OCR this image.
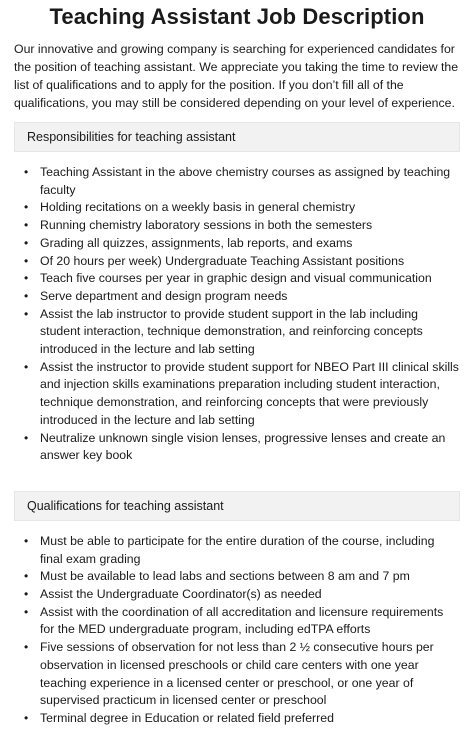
Teaching Assistant Job Description

Our innovative and growing company is searching for experienced candidates for the position of teaching assistant. We appreciate you taking the time to review the list of qualifications and to apply for the position. If you don’t fill all of the qualifications, you may still be considered depending on your level of experience.

Responsibilities for teaching assistant
• Teaching Assistant in the above chemistry courses as assigned by teaching faculty
• Holding recitations on a weekly basis in general chemistry
• Running chemistry laboratory sessions in both the semesters
• Grading all quizzes, assignments, lab reports, and exams
• Of 20 hours per week) Undergraduate Teaching Assistant positions
• Teach five courses per year in graphic design and visual communication
• Serve department and design program needs
• Assist the lab instructor to provide student support in the lab including student interaction, technique demonstration, and reinforcing concepts introduced in the lecture and lab setting
• Assist the instructor to provide student support for NBEO Part III clinical skills and injection skills examinations preparation including student interaction, technique demonstration, and reinforcing concepts that were previously introduced in the lecture and lab setting
• Neutralize unknown single vision lenses, progressive lenses and create an answer key book
Qualifications for teaching assistant
• Must be able to participate for the entire duration of the course, including final exam grading
• Must be available to lead labs and sections between 8 am and 7 pm
• Assist the Undergraduate Coordinator(s) as needed
• Assist with the coordination of all accreditation and licensure requirements for the MED undergraduate program, including edTPA efforts
• Five sessions of observation for not less than 2 ½ consecutive hours per observation in licensed preschools or child care centers with one year teaching experience in a licensed center or preschool, or one year of supervised practicum in licensed center or preschool
• Terminal degree in Education or related field preferred
